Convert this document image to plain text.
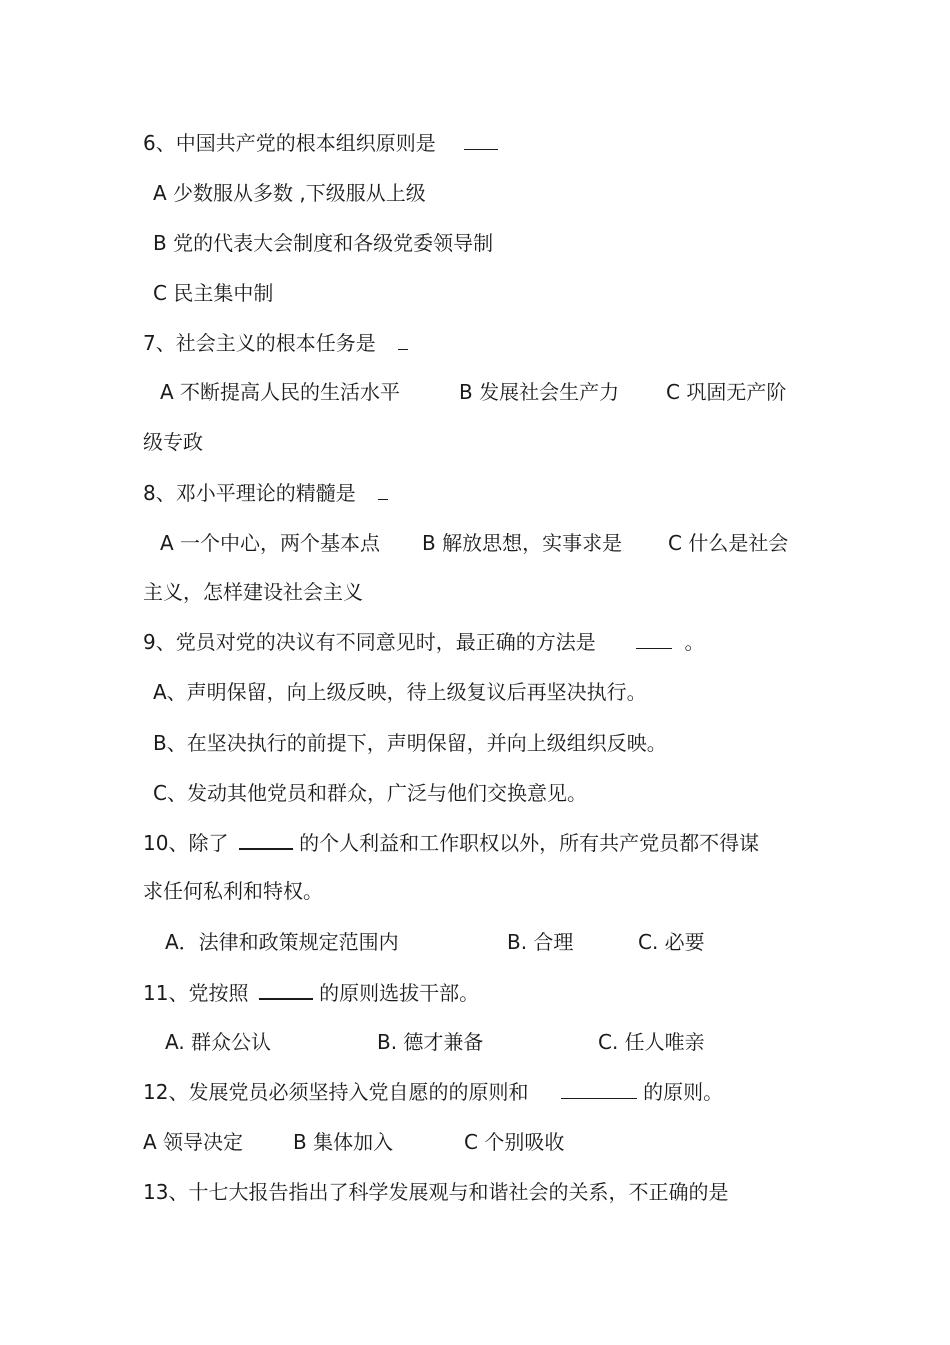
6、中国共产党的根本组织原则是
A 少数服从多数 ,下级服从上级
B 党的代表大会制度和各级党委领导制
C 民主集中制
7、社会主义的根本任务是
A 不断提高人民的生活水平	B 发展社会生产力 C 巩固无产阶
级专政
8、邓小平理论的精髓是
A 一个中心，两个基本点 B 解放思想，实事求是 C 什么是社会
主义，怎样建设社会主义
9、党员对党的决议有不同意见时，最正确的方法是	。
A、声明保留，向上级反映，待上级复议后再坚决执行。
B、在坚决执行的前提下，声明保留，并向上级组织反映。
C、发动其他党员和群众，广泛与他们交换意见。
10、除了	的个人利益和工作职权以外，所有共产党员都不得谋
求任何私利和特权。
A．法律和政策规定范围内	B. 合理	C. 必要
11、党按照	的原则选拔干部。
A. 群众公认	B. 德才兼备	C. 任人唯亲
12、发展党员必须坚持入党自愿的的原则和	的原则。
A 领导决定 B 集体加入	C 个别吸收
13、十七大报告指出了科学发展观与和谐社会的关系，不正确的是
